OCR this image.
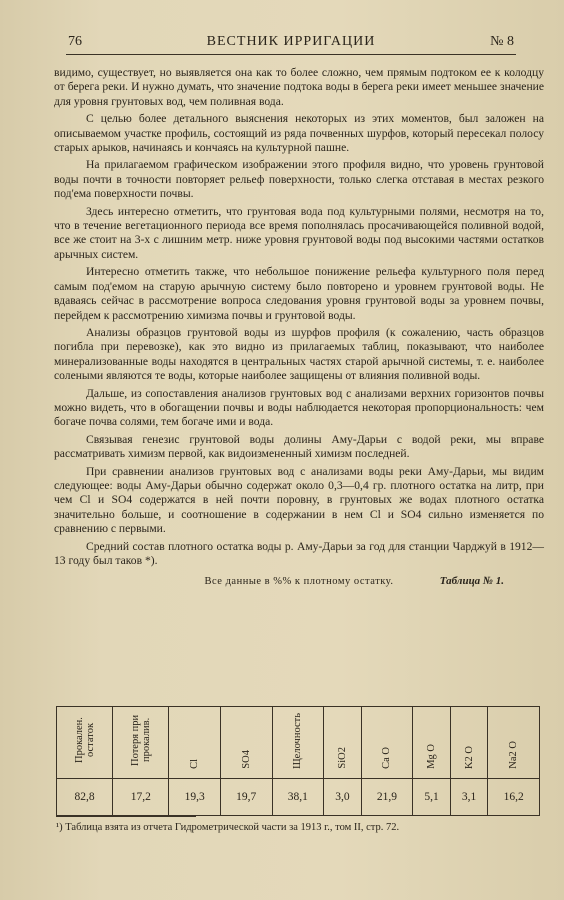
76	ВЕСТНИК ИРРИГАЦИИ	№ 8

видимо, существует, но выявляется она как то более сложно, чем прямым подтоком ее к колодцу от берега реки. И нужно думать, что значение подтока воды в берега реки имеет меньшее значение для уровня грунтовых вод, чем поливная вода.

С целью более детального выяснения некоторых из этих моментов, был заложен на описываемом участке профиль, состоящий из ряда почвенных шурфов, который пересекал полосу старых арыков, начинаясь и кончаясь на культурной пашне.

На прилагаемом графическом изображении этого профиля видно, что уровень грунтовой воды почти в точности повторяет рельеф поверхности, только слегка отставая в местах резкого под'ема поверхности почвы.

Здесь интересно отметить, что грунтовая вода под культурными полями, несмотря на то, что в течение вегетационного периода все время пополнялась просачивающейся поливной водой, все же стоит на 3-х с лишним метр. ниже уровня грунтовой воды под высокими частями остатков арычных систем.

Интересно отметить также, что небольшое понижение рельефа культурного поля перед самым под'емом на старую арычную систему было повторено и уровнем грунтовой воды. Не вдаваясь сейчас в рассмотрение вопроса следования уровня грунтовой воды за уровнем почвы, перейдем к рассмотрению химизма почвы и грунтовой воды.

Анализы образцов грунтовой воды из шурфов профиля (к сожалению, часть образцов погибла при перевозке), как это видно из прилагаемых таблиц, показывают, что наиболее минерализованные воды находятся в центральных частях старой арычной системы, т. е. наиболее солеными являются те воды, которые наиболее защищены от влияния поливной воды.

Дальше, из сопоставления анализов грунтовых вод с анализами верхних горизонтов почвы можно видеть, что в обогащении почвы и воды наблюдается некоторая пропорциональность: чем богаче почва солями, тем богаче ими и вода.

Связывая генезис грунтовой воды долины Аму-Дарьи с водой реки, мы вправе рассматривать химизм первой, как видоизмененный химизм последней.

При сравнении анализов грунтовых вод с анализами воды реки Аму-Дарьи, мы видим следующее: воды Аму-Дарьи обычно содержат около 0,3—0,4 гр. плотного остатка на литр, при чем Cl и SO4 содержатся в ней почти поровну, в грунтовых же водах плотного остатка значительно больше, и соотношение в содержании в нем Cl и SO4 сильно изменяется по сравнению с первыми.

Средний состав плотного остатка воды р. Аму-Дарьи за год для станции Чарджуй в 1912—13 году был таков *).

Все данные в %% к плотному остатку.	Таблица № 1.
Прокален. остаток	Потеря при прокалив.	Cl	SO4	Щелочность	SiO2	Ca O	Mg O	K2 O	Na2 O
82,8	17,2	19,3	19,7	38,1	3,0	21,9	5,1	3,1	16,2
¹) Таблица взята из отчета Гидрометрической части за 1913 г., том II, стр. 72.
